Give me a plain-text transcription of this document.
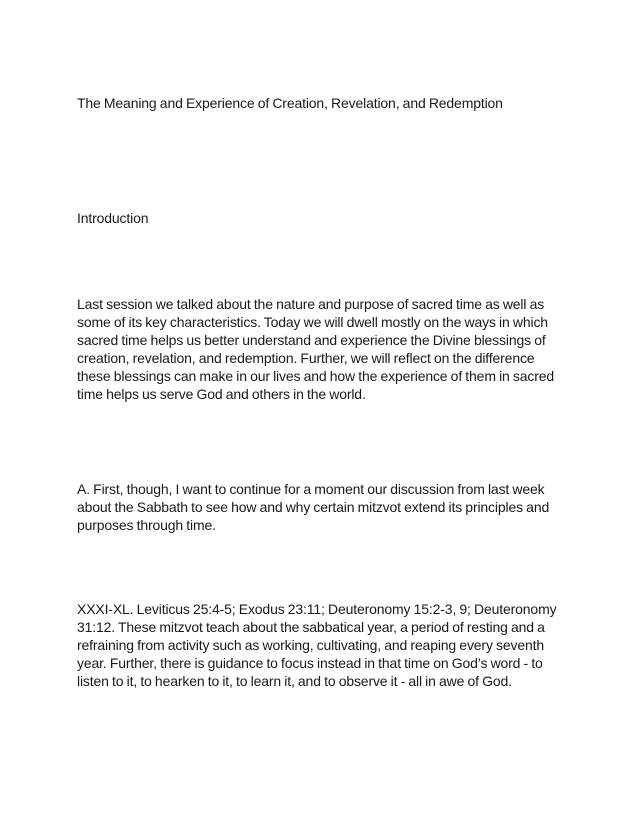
The Meaning and Experience of Creation, Revelation, and Redemption

Introduction

Last session we talked about the nature and purpose of sacred time as well as some of its key characteristics. Today we will dwell mostly on the ways in which sacred time helps us better understand and experience the Divine blessings of creation, revelation, and redemption. Further, we will reflect on the difference these blessings can make in our lives and how the experience of them in sacred time helps us serve God and others in the world.

A. First, though, I want to continue for a moment our discussion from last week about the Sabbath to see how and why certain mitzvot extend its principles and purposes through time.

XXXI-XL. Leviticus 25:4-5; Exodus 23:11; Deuteronomy 15:2-3, 9; Deuteronomy 31:12. These mitzvot teach about the sabbatical year, a period of resting and a refraining from activity such as working, cultivating, and reaping every seventh year. Further, there is guidance to focus instead in that time on God’s word - to listen to it, to hearken to it, to learn it, and to observe it - all in awe of God.
